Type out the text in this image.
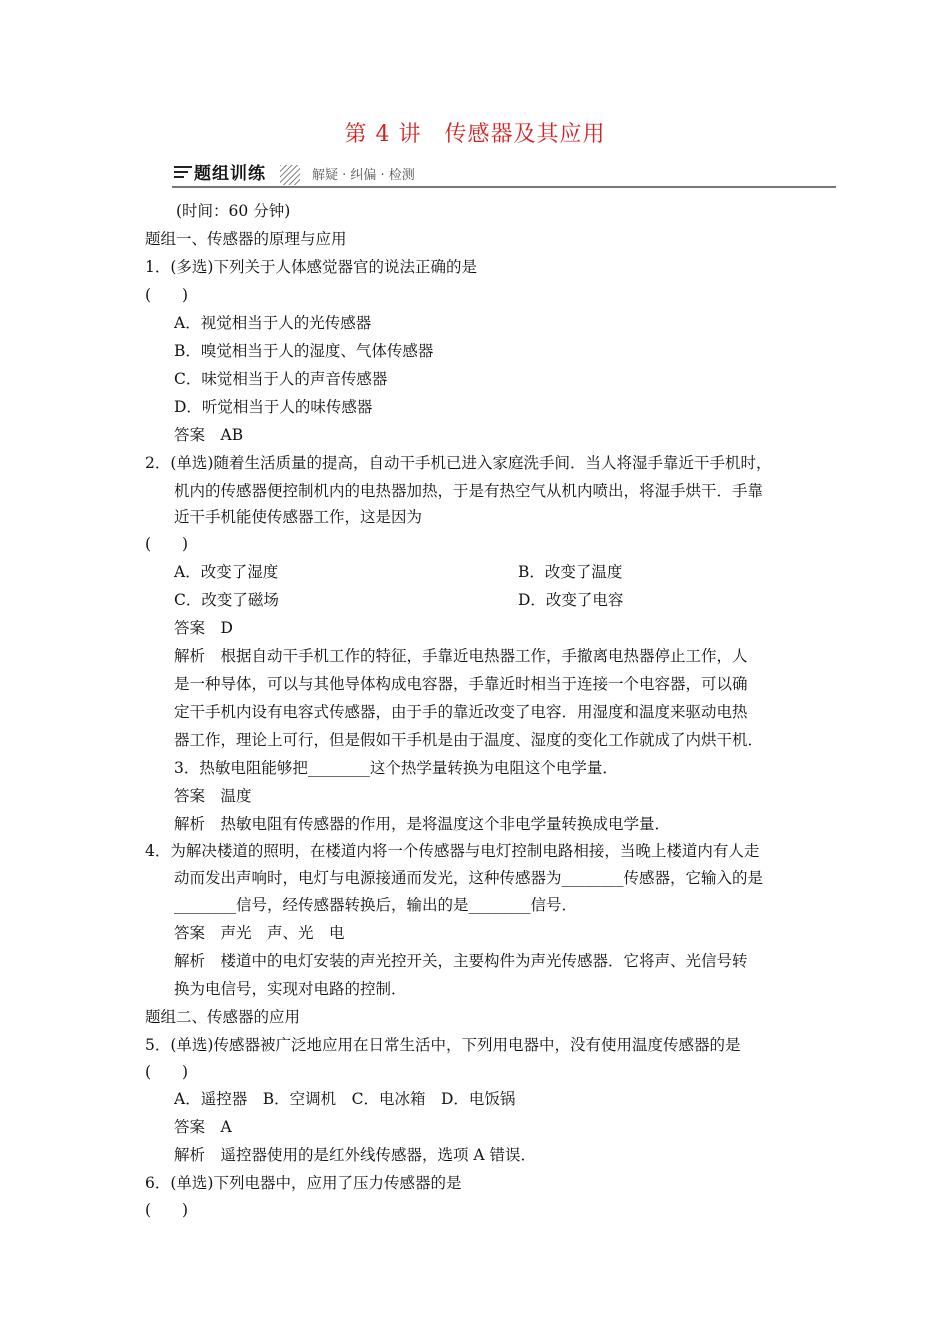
第 4 讲　传感器及其应用
题组训练	解疑 · 纠偏 · 检测
(时间：60 分钟)
题组一、传感器的原理与应用
1．(多选)下列关于人体感觉器官的说法正确的是
(　　)
A．视觉相当于人的光传感器
B．嗅觉相当于人的湿度、气体传感器
C．味觉相当于人的声音传感器
D．听觉相当于人的味传感器
答案　AB
2．(单选)随着生活质量的提高，自动干手机已进入家庭洗手间．当人将湿手靠近干手机时，
机内的传感器便控制机内的电热器加热，于是有热空气从机内喷出，将湿手烘干．手靠
近干手机能使传感器工作，这是因为
(　　)
A．改变了湿度	B．改变了温度
C．改变了磁场	D．改变了电容
答案　D
解析　根据自动干手机工作的特征，手靠近电热器工作，手撤离电热器停止工作，人
是一种导体，可以与其他导体构成电容器，手靠近时相当于连接一个电容器，可以确
定干手机内设有电容式传感器，由于手的靠近改变了电容．用湿度和温度来驱动电热
器工作，理论上可行，但是假如干手机是由于温度、湿度的变化工作就成了内烘干机．
3．热敏电阻能够把________这个热学量转换为电阻这个电学量．
答案　温度
解析　热敏电阻有传感器的作用，是将温度这个非电学量转换成电学量．
4．为解决楼道的照明，在楼道内将一个传感器与电灯控制电路相接，当晚上楼道内有人走
动而发出声响时，电灯与电源接通而发光，这种传感器为________传感器，它输入的是
________信号，经传感器转换后，输出的是________信号．
答案　声光　声、光　电
解析　楼道中的电灯安装的声光控开关，主要构件为声光传感器．它将声、光信号转
换为电信号，实现对电路的控制．
题组二、传感器的应用
5．(单选)传感器被广泛地应用在日常生活中，下列用电器中，没有使用温度传感器的是
(　　)
A．遥控器　B．空调机　C．电冰箱　D．电饭锅
答案　A
解析　遥控器使用的是红外线传感器，选项 A 错误．
6．(单选)下列电器中，应用了压力传感器的是
(　　)
